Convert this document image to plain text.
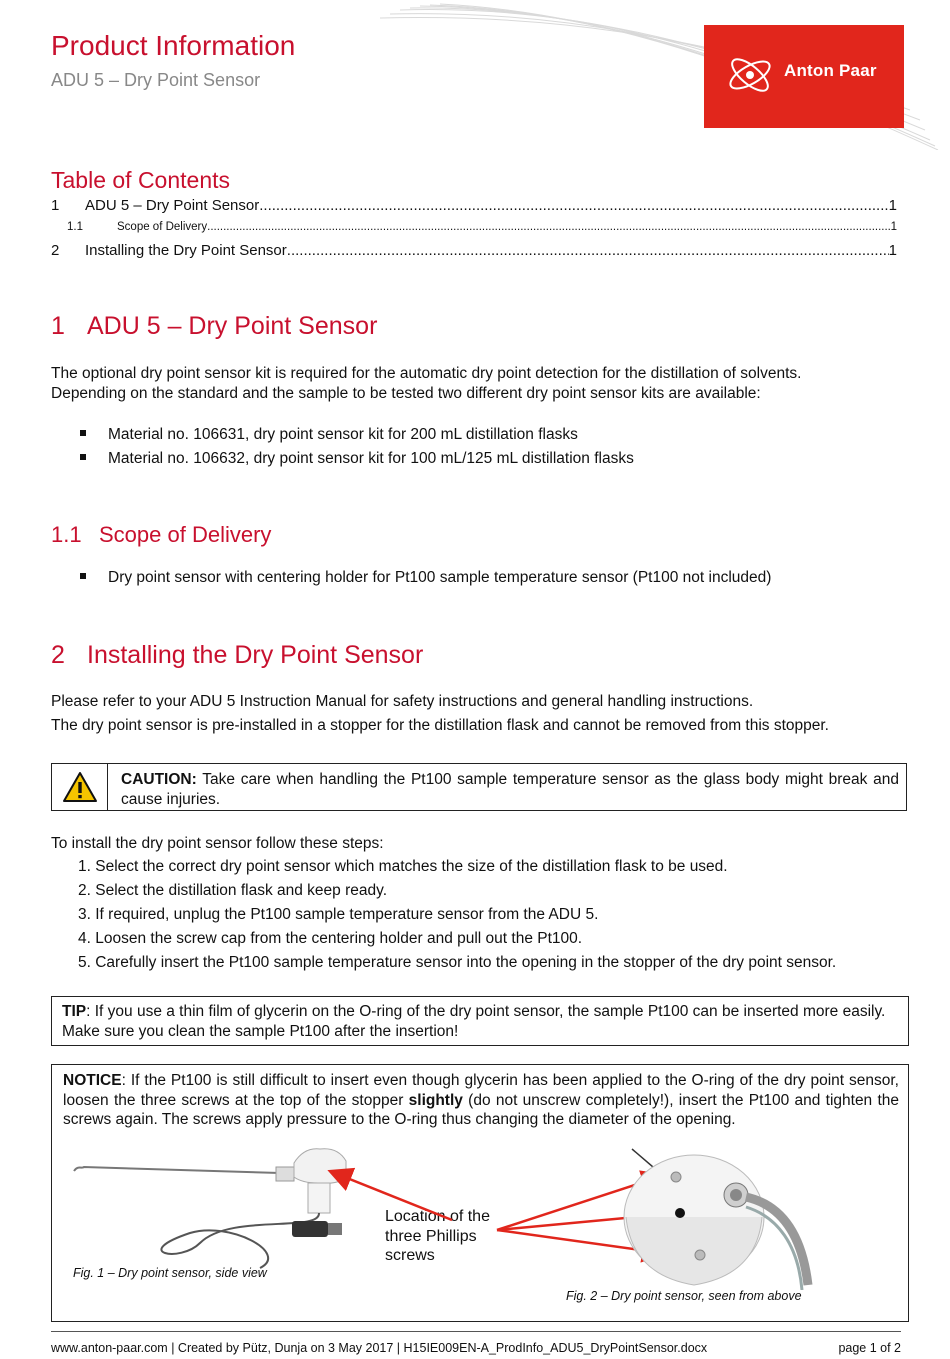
Anton Paar
Product Information
ADU 5 – Dry Point Sensor
Table of Contents
1	ADU 5 – Dry Point Sensor .....	1
1.1	Scope of Delivery .....	1
2	Installing the Dry Point Sensor .....	1
1 ADU 5 – Dry Point Sensor
The optional dry point sensor kit is required for the automatic dry point detection for the distillation of solvents.
Depending on the standard and the sample to be tested two different dry point sensor kits are available:
Material no. 106631, dry point sensor kit for 200 mL distillation flasks
Material no. 106632, dry point sensor kit for 100 mL/125 mL distillation flasks
1.1 Scope of Delivery
Dry point sensor with centering holder for Pt100 sample temperature sensor (Pt100 not included)
2 Installing the Dry Point Sensor
Please refer to your ADU 5 Instruction Manual for safety instructions and general handling instructions.
The dry point sensor is pre-installed in a stopper for the distillation flask and cannot be removed from this stopper.
CAUTION: Take care when handling the Pt100 sample temperature sensor as the glass body might break and cause injuries.
To install the dry point sensor follow these steps:
1. Select the correct dry point sensor which matches the size of the distillation flask to be used.
2. Select the distillation flask and keep ready.
3. If required, unplug the Pt100 sample temperature sensor from the ADU 5.
4. Loosen the screw cap from the centering holder and pull out the Pt100.
5. Carefully insert the Pt100 sample temperature sensor into the opening in the stopper of the dry point sensor.
TIP: If you use a thin film of glycerin on the O-ring of the dry point sensor, the sample Pt100 can be inserted more easily. Make sure you clean the sample Pt100 after the insertion!
NOTICE: If the Pt100 is still difficult to insert even though glycerin has been applied to the O-ring of the dry point sensor, loosen the three screws at the top of the stopper slightly (do not unscrew completely!), insert the Pt100 and tighten the screws again. The screws apply pressure to the O-ring thus changing the diameter of the opening.
Fig. 1 – Dry point sensor, side view
Location of the
three Phillips
screws
Fig. 2 – Dry point sensor, seen from above
www.anton-paar.com | Created by Pütz, Dunja on 3 May 2017 | H15IE009EN-A_ProdInfo_ADU5_DryPointSensor.docx	page 1 of 2
